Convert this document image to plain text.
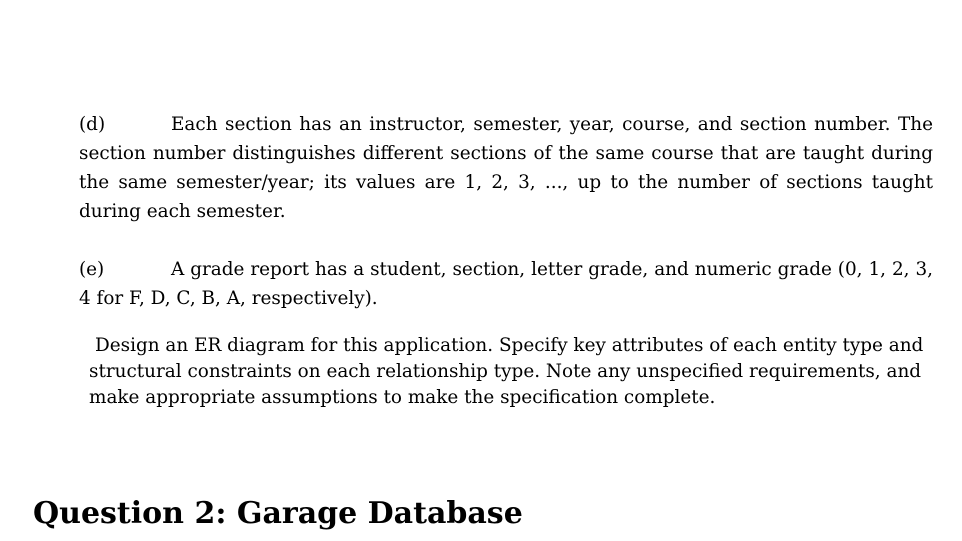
(d)	Each section has an instructor, semester, year, course, and section number. The section number distinguishes different sections of the same course that are taught during the same semester/year; its values are 1, 2, 3, ..., up to the number of sections taught during each semester.
(e)	A grade report has a student, section, letter grade, and numeric grade (0, 1, 2, 3, 4 for F, D, C, B, A, respectively).
Design an ER diagram for this application. Specify key attributes of each entity type and structural constraints on each relationship type. Note any unspecified requirements, and make appropriate assumptions to make the specification complete.
Question 2: Garage Database
